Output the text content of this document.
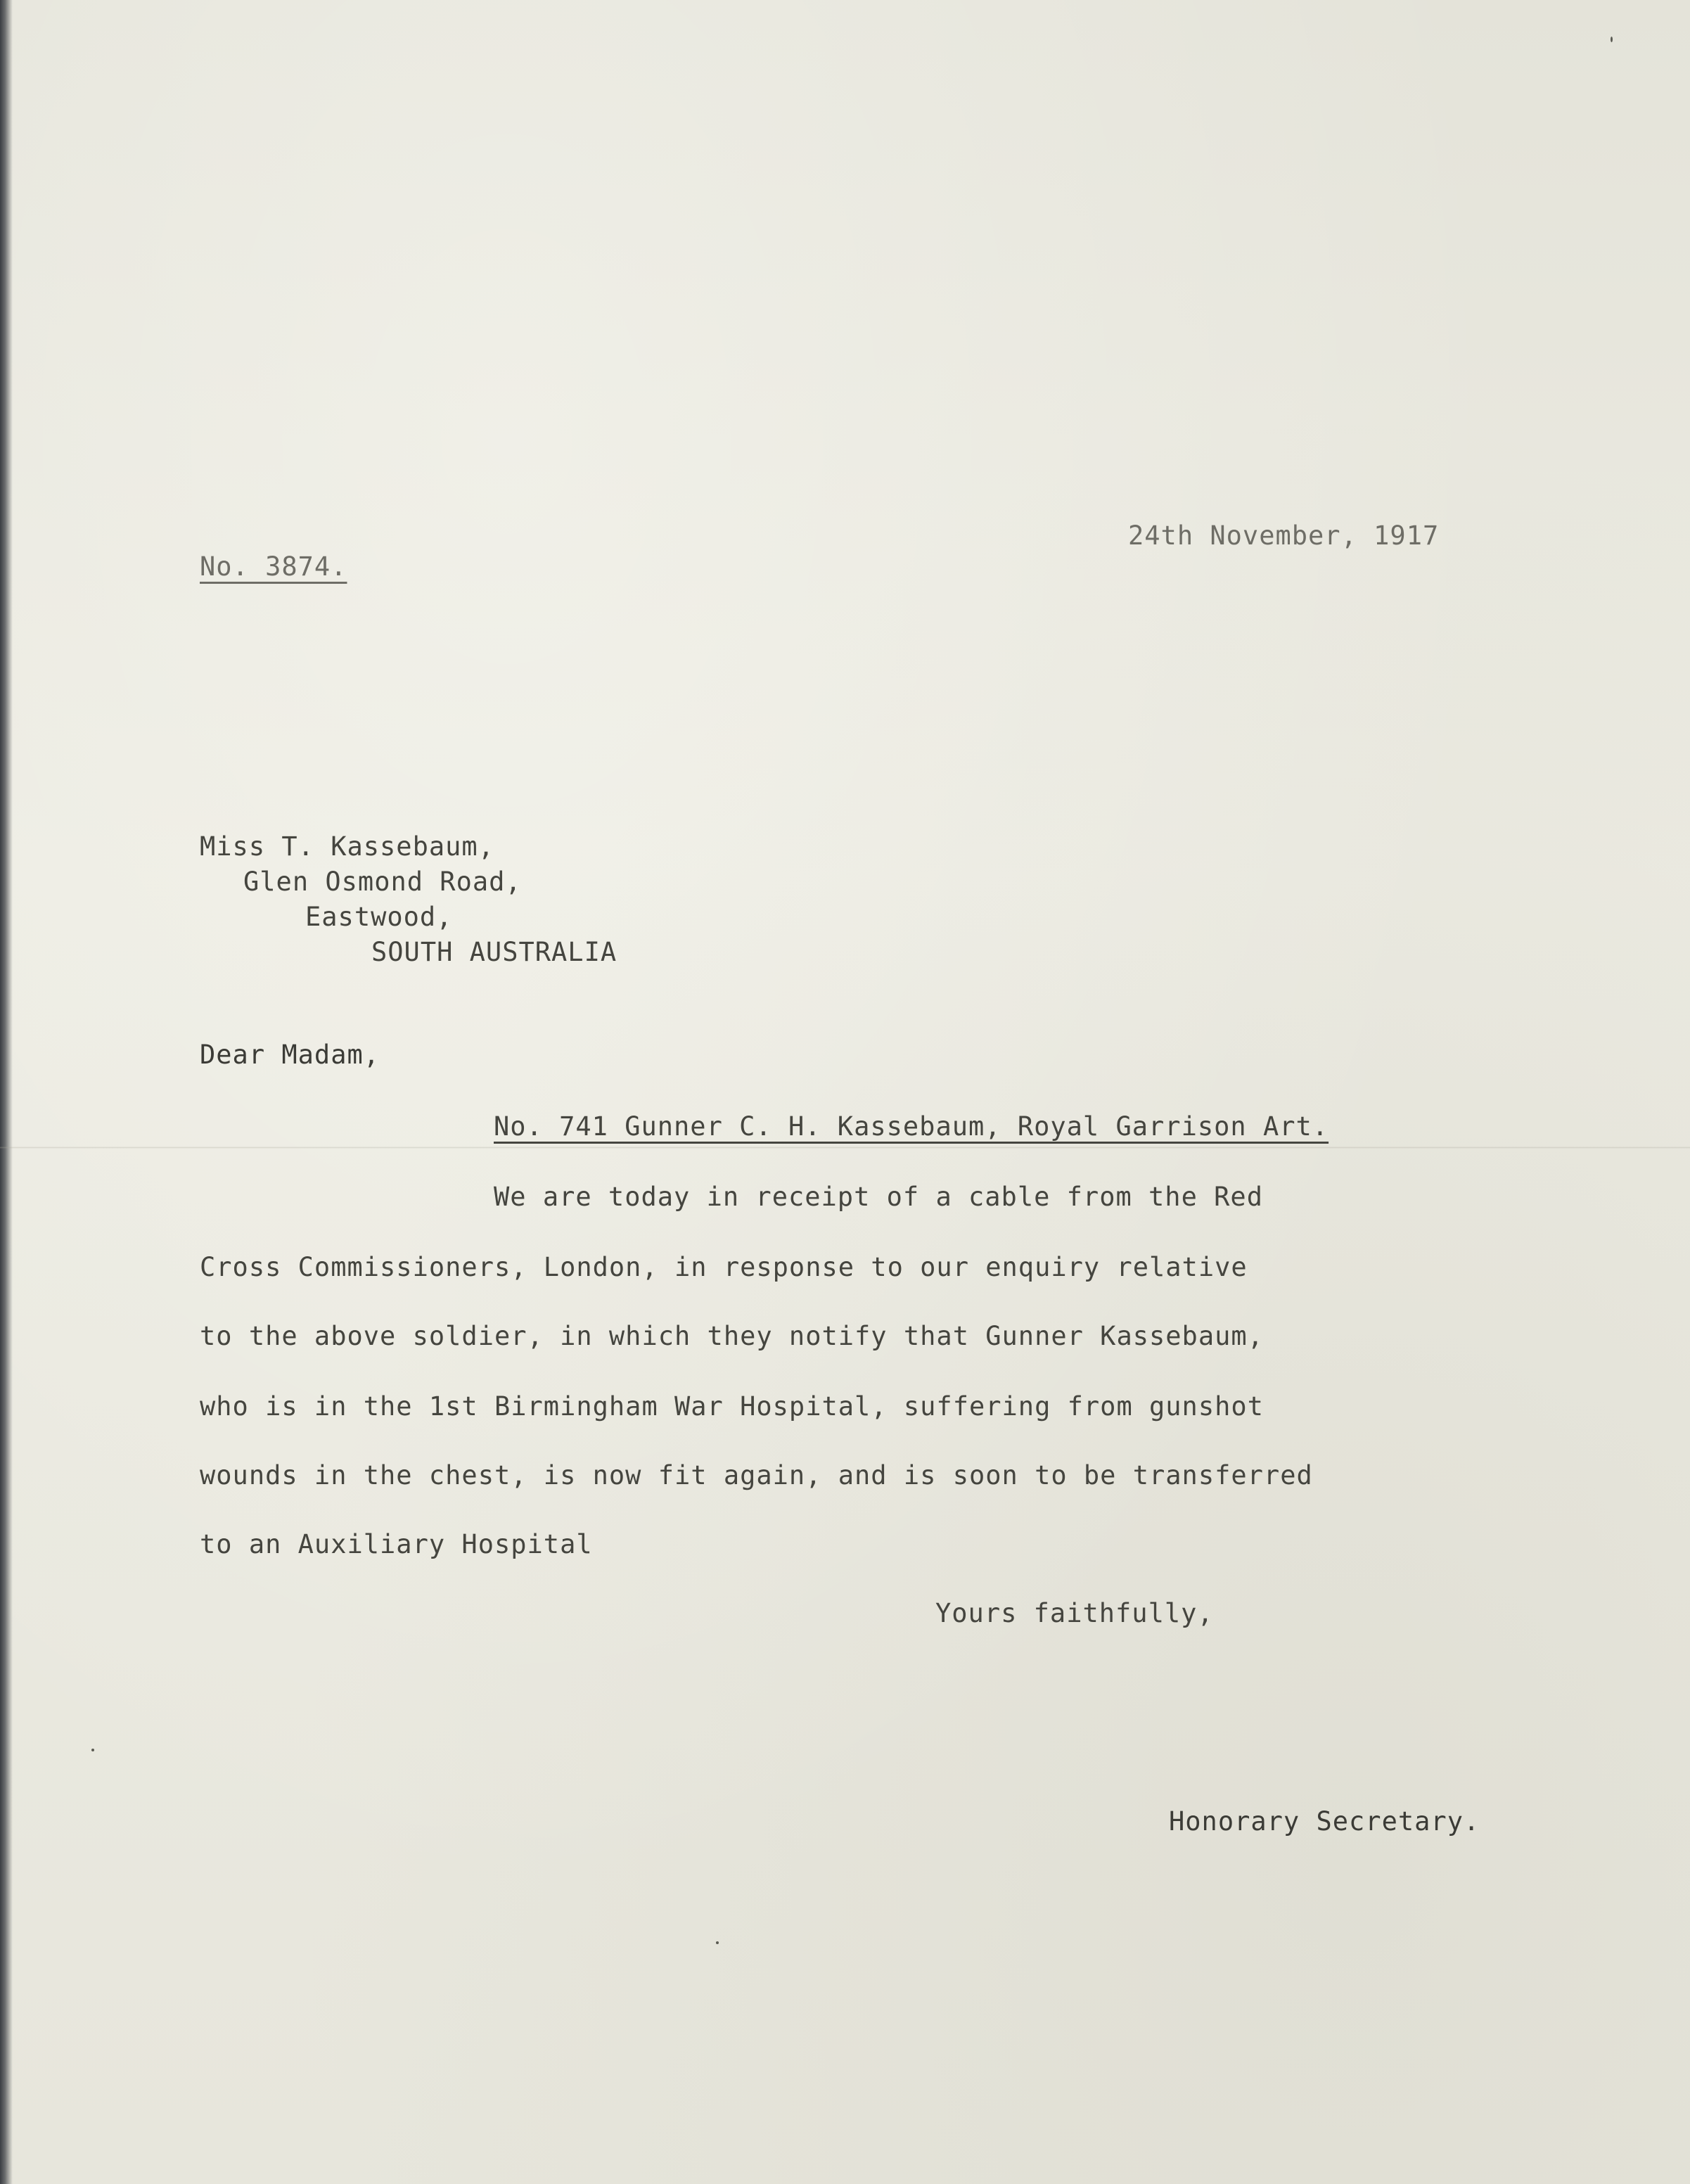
No. 3874.

24th November, 1917

Miss T. Kassebaum,

Glen Osmond Road,

Eastwood,

SOUTH AUSTRALIA

Dear Madam,

No. 741 Gunner C. H. Kassebaum, Royal Garrison Art.

We are today in receipt of a cable from the Red

Cross Commissioners, London, in response to our enquiry relative

to the above soldier, in which they notify that Gunner Kassebaum,

who is in the 1st Birmingham War Hospital, suffering from gunshot

wounds in the chest, is now fit again, and is soon to be transferred

to an Auxiliary Hospital

Yours faithfully,

Honorary Secretary.
